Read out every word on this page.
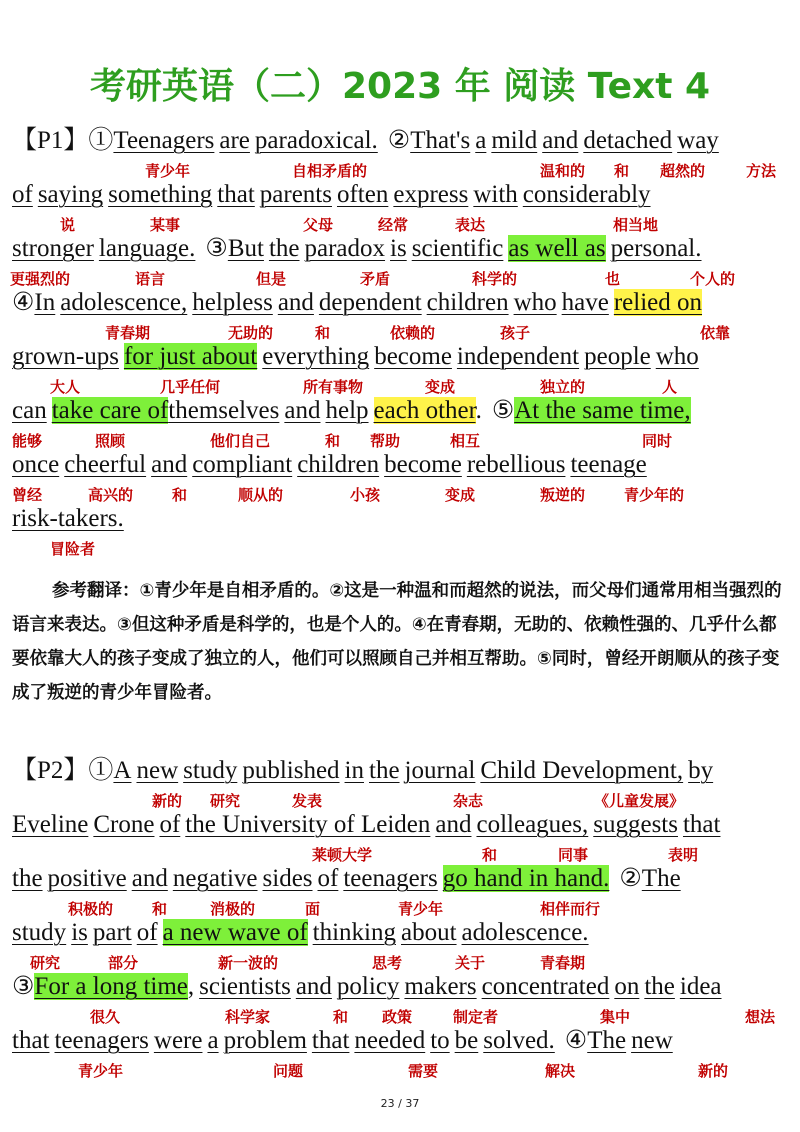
考研英语（二）2023 年 阅读 Text 4
【P1】①Teenagers are paradoxical. ②That's a mild and detached way
青少年	自相矛盾的	温和的 和 超然的	方法
of saying something that parents often express with considerably
说	某事	父母	经常	表达	相当地
stronger language. ③But the paradox is scientific as well as personal.
更强烈的	语言	但是	矛盾	科学的	也	个人的
④In adolescence, helpless and dependent children who have relied on
青春期	无助的	和	依赖的	孩子	依靠
grown-ups for just about everything become independent people who
大人	几乎任何	所有事物	变成	独立的	人
can take care ofthemselves and help each other. ⑤At the same time,
能够	照顾	他们自己	和 帮助	相互	同时
once cheerful and compliant children become rebellious teenage
曾经	高兴的	和	顺从的	小孩	变成	叛逆的	青少年的
risk-takers.
冒险者
参考翻译：①青少年是自相矛盾的。②这是一种温和而超然的说法，而父母们通常用相当强烈的语言来表达。③但这种矛盾是科学的，也是个人的。④在青春期，无助的、依赖性强的、几乎什么都要依靠大人的孩子变成了独立的人，他们可以照顾自己并相互帮助。⑤同时，曾经开朗顺从的孩子变成了叛逆的青少年冒险者。
【P2】①A new study published in the journal Child Development, by
新的 研究	发表	杂志	《儿童发展》
Eveline Crone of the University of Leiden and colleagues, suggests that
莱顿大学	和	同事	表明
the positive and negative sides of teenagers go hand in hand. ②The
积极的	和	消极的	面	青少年	相伴而行
study is part of a new wave of thinking about adolescence.
研究	部分	新一波的	思考	关于	青春期
③For a long time, scientists and policy makers concentrated on the idea
很久	科学家	和 政策	制定者	集中	想法
that teenagers were a problem that needed to be solved. ④The new
青少年	问题	需要	解决	新的
23 / 37
